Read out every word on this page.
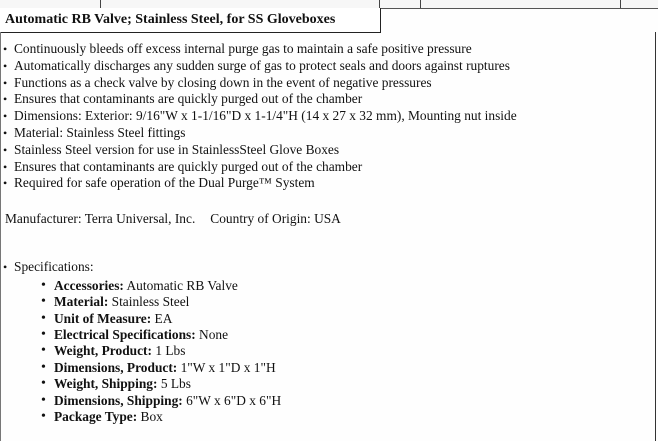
Automatic RB Valve; Stainless Steel, for SS Gloveboxes
• Continuously bleeds off excess internal purge gas to maintain a safe positive pressure
• Automatically discharges any sudden surge of gas to protect seals and doors against ruptures
• Functions as a check valve by closing down in the event of negative pressures
• Ensures that contaminants are quickly purged out of the chamber
• Dimensions: Exterior: 9/16"W x 1-1/16"D x 1-1/4"H (14 x 27 x 32 mm), Mounting nut inside
• Material: Stainless Steel fittings
• Stainless Steel version for use in StainlessSteel Glove Boxes
• Ensures that contaminants are quickly purged out of the chamber
• Required for safe operation of the Dual Purge™ System
Manufacturer: Terra Universal, Inc. Country of Origin: USA
• Specifications:
• Accessories: Automatic RB Valve
• Material: Stainless Steel
• Unit of Measure: EA
• Electrical Specifications: None
• Weight, Product: 1 Lbs
• Dimensions, Product: 1"W x 1"D x 1"H
• Weight, Shipping: 5 Lbs
• Dimensions, Shipping: 6"W x 6"D x 6"H
• Package Type: Box
